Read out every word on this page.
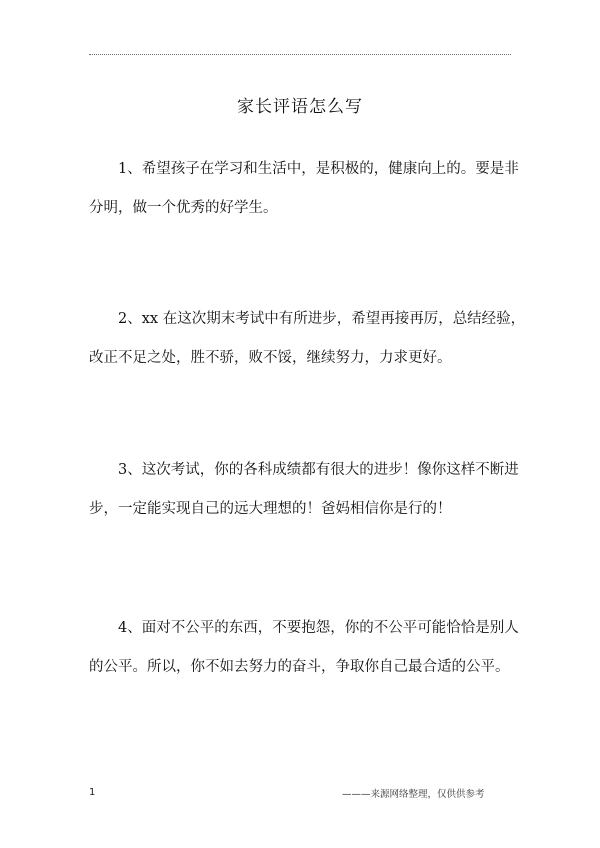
家长评语怎么写

1、希望孩子在学习和生活中，是积极的，健康向上的。要是非
分明，做一个优秀的好学生。

2、xx 在这次期末考试中有所进步，希望再接再厉，总结经验，
改正不足之处，胜不骄，败不馁，继续努力，力求更好。

3、这次考试，你的各科成绩都有很大的进步！像你这样不断进
步，一定能实现自己的远大理想的！爸妈相信你是行的！

4、面对不公平的东西，不要抱怨，你的不公平可能恰恰是别人
的公平。所以，你不如去努力的奋斗，争取你自己最合适的公平。

1	———来源网络整理，仅供供参考
